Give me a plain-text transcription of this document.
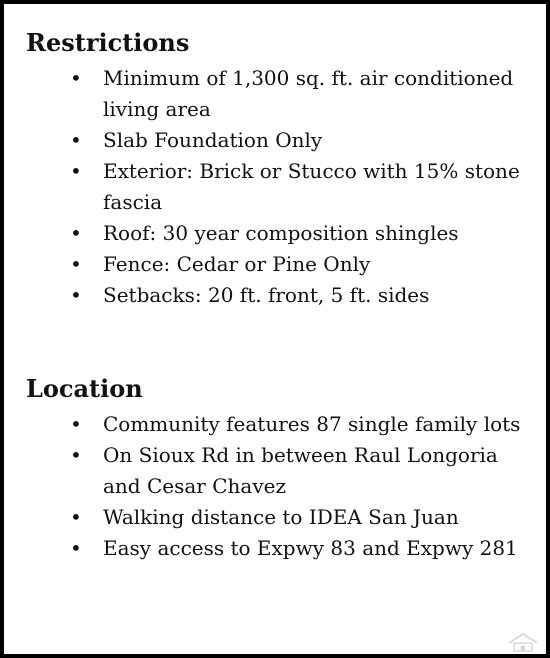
Restrictions
• Minimum of 1,300 sq. ft. air conditioned living area
• Slab Foundation Only
• Exterior: Brick or Stucco with 15% stone fascia
• Roof: 30 year composition shingles
• Fence: Cedar or Pine Only
• Setbacks: 20 ft. front, 5 ft. sides
Location
• Community features 87 single family lots
• On Sioux Rd in between Raul Longoria and Cesar Chavez
• Walking distance to IDEA San Juan
• Easy access to Expwy 83 and Expwy 281
